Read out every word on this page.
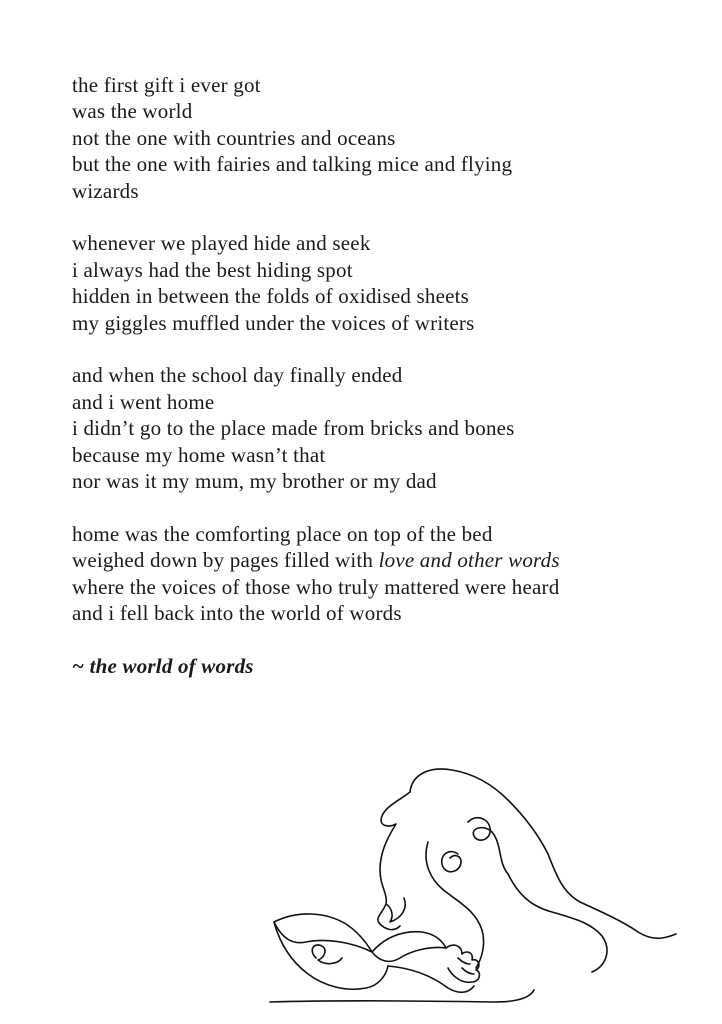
the first gift i ever got
was the world
not the one with countries and oceans
but the one with fairies and talking mice and flying
wizards
whenever we played hide and seek
i always had the best hiding spot
hidden in between the folds of oxidised sheets
my giggles muffled under the voices of writers
and when the school day finally ended
and i went home
i didn’t go to the place made from bricks and bones
because my home wasn’t that
nor was it my mum, my brother or my dad
home was the comforting place on top of the bed
weighed down by pages filled with love and other words
where the voices of those who truly mattered were heard
and i fell back into the world of words
~ the world of words
